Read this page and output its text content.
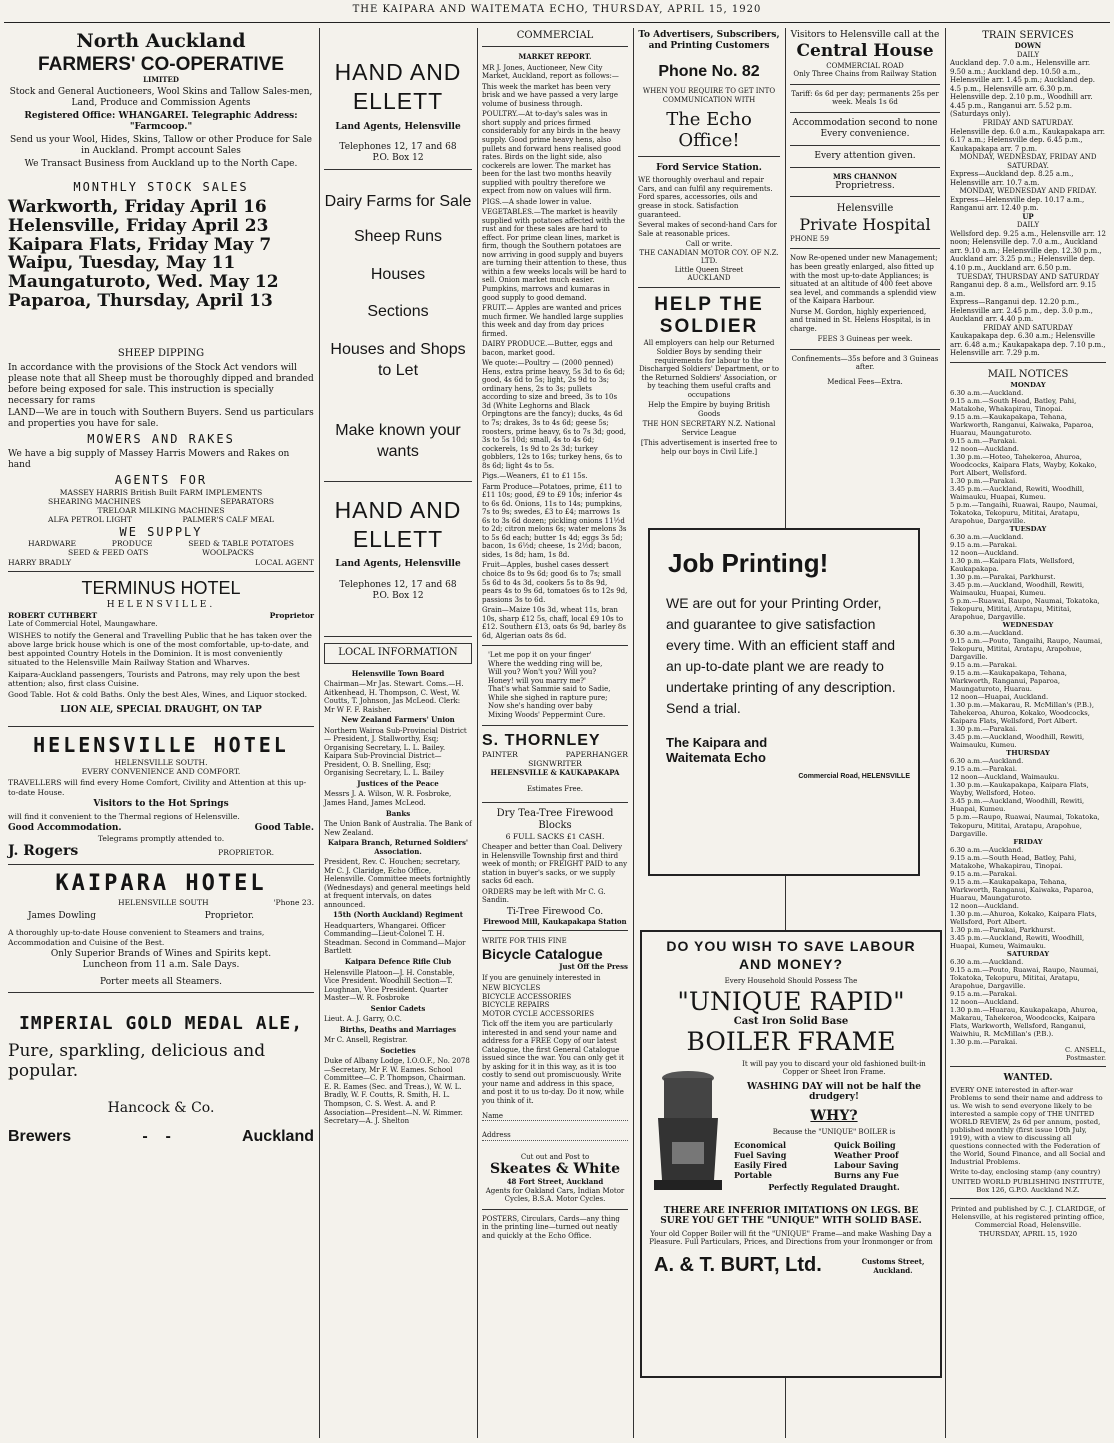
THE KAIPARA AND WAITEMATA ECHO, THURSDAY, APRIL 15, 1920
North Auckland
FARMERS' CO-OPERATIVE
LIMITED

Stock and General Auctioneers, Wool Skins and Tallow Sales-men, Land, Produce and Commission Agents

Registered Office: WHANGAREI. Telegraphic Address: "Farmcoop."

Send us your Wool, Hides, Skins, Tallow or other Produce for Sale in Auckland. Prompt account Sales

We Transact Business from Auckland up to the North Cape.

MONTHLY STOCK SALES
Warkworth, Friday April 16
Helensville, Friday April 23
Kaipara Flats, Friday May 7
Waipu, Tuesday, May 11
Maungaturoto, Wed. May 12
Paparoa, Thursday, April 13
SHEEP DIPPING

In accordance with the provisions of the Stock Act vendors will please note that all Sheep must be thoroughly dipped and branded before being exposed for sale. This instruction is specially necessary for rams

LAND—We are in touch with Southern Buyers. Send us particulars and properties you have for sale.

MOWERS AND RAKES

We have a big supply of Massey Harris Mowers and Rakes on hand

AGENTS FOR
MASSEY HARRIS British Built FARM IMPLEMENTS
SHEARING MACHINES	SEPARATORS
TRELOAR MILKING MACHINES
ALFA PETROL LIGHT	PALMER'S CALF MEAL
WE SUPPLY
HARDWARE	PRODUCE	SEED & TABLE POTATOES
SEED & FEED OATS	WOOLPACKS
HARRY BRADLY	LOCAL AGENT
TERMINUS HOTEL
HELENSVILLE.
ROBERT CUTHBERT	Proprietor
Late of Commercial Hotel, Maungawhare.

WISHES to notify the General and Travelling Public that he has taken over the above large brick house which is one of the most comfortable, up-to-date, and best appointed Country Hotels in the Dominion. It is most conveniently situated to the Helensville Main Railway Station and Wharves.

Kaipara-Auckland passengers, Tourists and Patrons, may rely upon the best attention; also, first class Cuisine.

Good Table. Hot & cold Baths. Only the best Ales, Wines, and Liquor stocked.

LION ALE, SPECIAL DRAUGHT, ON TAP
HELENSVILLE HOTEL
HELENSVILLE SOUTH.
EVERY CONVENIENCE AND COMFORT.

TRAVELLERS will find every Home Comfort, Civility and Attention at this up-to-date House.

Visitors to the Hot Springs

will find it convenient to the Thermal regions of Helensville.

Good Accommodation.	Good Table.
Telegrams promptly attended to.
J. Rogers	PROPRIETOR.
KAIPARA HOTEL
HELENSVILLE SOUTH	'Phone 23.
James Dowling	Proprietor.

A thoroughly up-to-date House convenient to Steamers and trains, Accommodation and Cuisine of the Best.

Only Superior Brands of Wines and Spirits kept.
Luncheon from 11 a.m. Sale Days.
Porter meets all Steamers.
IMPERIAL GOLD MEDAL ALE,
Pure, sparkling, delicious and popular.
Hancock & Co.
Brewers	-    -	Auckland
HAND AND ELLETT
Land Agents, Helensville
Telephones 12, 17 and 68
P.O. Box 12
Dairy Farms for Sale
Sheep Runs
Houses
Sections
Houses and Shops to Let
Make known your wants
HAND AND ELLETT
Land Agents, Helensville
Telephones 12, 17 and 68
P.O. Box 12
LOCAL INFORMATION
Helensville Town Board

Chairman—Mr Jas. Stewart. Coms.—H. Aitkenhead, H. Thompson, C. West, W. Coutts, T. Johnson, Jas McLeod. Clerk: Mr W F. F. Raisher.

New Zealand Farmers' Union

Northern Wairoa Sub-Provincial District — President, J. Stallworthy, Esq; Organising Secretary, L. L. Bailey. Kaipara Sub-Provincial District—President, O. B. Snelling, Esq; Organising Secretary, L. L. Bailey

Justices of the Peace

Messrs J. A. Wilson, W. R. Fosbroke, James Hand, James McLeod.

Banks

The Union Bank of Australia. The Bank of New Zealand.

Kaipara Branch, Returned Soldiers' Association.

President, Rev. C. Houchen; secretary, Mr C. J. Claridge, Echo Office, Helensville. Committee meets fortnightly (Wednesdays) and general meetings held at frequent intervals, on dates announced.

15th (North Auckland) Regiment

Headquarters, Whangarei. Officer Commanding—Lieut-Colonel T. H. Steadman. Second in Command—Major Bartlett

Kaipara Defence Rifle Club

Helensville Platoon—J. H. Constable, Vice President. Woodhill Section—T. Loughnan, Vice President. Quarter Master—W. R. Fosbroke

Senior Cadets

Lieut. A. J. Garry, O.C.

Births, Deaths and Marriages

Mr C. Ansell, Registrar.

Societies

Duke of Albany Lodge, I.O.O.F., No. 2078—Secretary, Mr F. W. Eames. School Committee—C. P. Thompson, Chairman. E. R. Eames (Sec. and Treas.), W. W. L. Bradly, W. F. Coutts, R. Smith, H. L. Thompson, C. S. West. A. and P. Association—President—N. W. Rimmer. Secretary—A. J. Shelton

COMMERCIAL
MARKET REPORT.

MR J. Jones, Auctioneer, New City Market, Auckland, report as follows:—

This week the market has been very brisk and we have passed a very large volume of business through.

POULTRY.—At to-day's sales was in short supply and prices firmed considerably for any birds in the heavy supply. Good prime heavy hens, also pullets and forward hens realised good rates. Birds on the light side, also cockerels are lower. The market has been for the last two months heavily supplied with poultry therefore we expect from now on values will firm.

PIGS.—A shade lower in value.

VEGETABLES.—The market is heavily supplied with potatoes affected with the rust and for these sales are hard to effect. For prime clean lines, market is firm, though the Southern potatoes are now arriving in good supply and buyers are turning their attention to these, thus within a few weeks locals will be hard to sell. Onion market much easier. Pumpkins, marrows and kumaras in good supply to good demand.

FRUIT.— Apples are wanted and prices much firmer. We handled large supplies this week and day from day prices firmed.

DAIRY PRODUCE.—Butter, eggs and bacon, market good.

We quote:—Poultry — (2000 penned) Hens, extra prime heavy, 5s 3d to 6s 6d; good, 4s 6d to 5s; light, 2s 9d to 3s; ordinary hens, 2s to 3s; pullets according to size and breed, 3s to 10s 3d (White Leghorns and Black Orpingtons are the fancy); ducks, 4s 6d to 7s; drakes, 3s to 4s 6d; geese 5s; roosters, prime heavy, 6s to 7s 3d; good, 3s to 5s 10d; small, 4s to 4s 6d; cockerels, 1s 9d to 2s 3d; turkey gobblers, 12s to 16s; turkey hens, 6s to 8s 6d; light 4s to 5s.

Pigs.—Weaners, £1 to £1 15s.

Farm Produce—Potatoes, prime, £11 to £11 10s; good, £9 to £9 10s; inferior 4s to 6s 6d. Onions, 11s to 14s; pumpkins, 7s to 9s; swedes, £3 to £4; marrows 1s 6s to 3s 6d dozen; pickling onions 11½d to 2d; citron melons 6s; water melons 3s to 5s 6d each; butter 1s 4d; eggs 3s 5d; bacon, 1s 6½d; cheese, 1s 2½d; bacon, sides, 1s 8d; ham, 1s 8d.

Fruit—Apples, bushel cases dessert choice 8s to 9s 6d; good 6s to 7s; small 5s 6d to 4s 3d, cookers 5s to 8s 9d, pears 4s to 9s 6d, tomatoes 6s to 12s 9d, passions 3s to 6d.

Grain—Maize 10s 3d, wheat 11s, bran 10s, sharp £12 5s, chaff, local £9 10s to £12. Southern £13, oats 6s 9d, barley 8s 6d, Algerian oats 8s 6d.

'Let me pop it on your finger'
Where the wedding ring will be,
Will you? Won't you? Will you?
Honey! will you marry me?'
That's what Sammie said to Sadie,
While she sighed in rapture pure;
Now she's handing over baby
Mixing Woods' Peppermint Cure.
S. THORNLEY
PAINTER	PAPERHANGER
SIGNWRITER
HELENSVILLE & KAUKAPAKAPA
Estimates Free.
Dry Tea-Tree Firewood Blocks
6 FULL SACKS £1 CASH.

Cheaper and better than Coal. Delivery in Helensville Township first and third week of month; or FREIGHT PAID to any station in buyer's sacks, or we supply sacks 6d each.

ORDERS may be left with Mr C. G. Sandin.

Ti-Tree Firewood Co.
Firewood Mill, Kaukapakapa Station
WRITE FOR THIS FINE
Bicycle Catalogue
Just Off the Press

If you are genuinely interested in

NEW BICYCLES
BICYCLE ACCESSORIES
BICYCLE REPAIRS
MOTOR CYCLE ACCESSORIES

Tick off the item you are particularly interested in and send your name and address for a FREE Copy of our latest Catalogue, the first General Catalogue issued since the war. You can only get it by asking for it in this way, as it is too costly to send out promiscuously. Write your name and address in this space, and post it to us to-day. Do it now, while you think of it.

Name
Address
Cut out and Post to
Skeates & White
48 Fort Street, Auckland
Agents for Oakland Cars, Indian Motor Cycles, B.S.A. Motor Cycles.

POSTERS, Circulars, Cards—any thing in the printing line—turned out neatly and quickly at the Echo Office.

To Advertisers, Subscribers, and Printing Customers
Phone No. 82
WHEN YOU REQUIRE TO GET INTO COMMUNICATION WITH
The Echo Office!
Ford Service Station.

WE thoroughly overhaul and repair Cars, and can fulfil any requirements. Ford spares, accessories, oils and grease in stock. Satisfaction guaranteed.

Several makes of second-hand Cars for Sale at reasonable prices.

Call or write.
THE CANADIAN MOTOR COY. OF N.Z. LTD.
Little Queen Street
AUCKLAND
HELP THE SOLDIER

All employers can help our Returned Soldier Boys by sending their requirements for labour to the Discharged Soldiers' Department, or to the Returned Soldiers' Association, or by teaching them useful crafts and occupations

Help the Empire by buying British Goods

THE HON SECRETARY N.Z. National Service League

[This advertisement is inserted free to help our boys in Civil Life.]

Visitors to Helensville call at the
Central House
COMMERCIAL ROAD
Only Three Chains from Railway Station

Tariff: 6s 6d per day; permanents 25s per week. Meals 1s 6d

Accommodation second to none Every convenience.

Every attention given.

MRS CHANNON
Proprietress.
Helensville
Private Hospital
PHONE 59

Now Re-opened under new Management; has been greatly enlarged, also fitted up with the most up-to-date Appliances; is situated at an altitude of 400 feet above sea level, and commands a splendid view of the Kaipara Harbour.

Nurse M. Gordon, highly experienced, and trained in St. Helens Hospital, is in charge.

FEES 3 Guineas per week.
Confinements—35s before and 3 Guineas after.
Medical Fees—Extra.
Job Printing!
WE are out for your Printing Order, and guarantee to give satisfaction every time. With an efficient staff and an up-to-date plant we are ready to undertake printing of any description. Send a trial.
The Kaipara and Waitemata Echo
Commercial Road, HELENSVILLE
DO YOU WISH TO SAVE LABOUR AND MONEY?
Every Household Should Possess The
"UNIQUE RAPID"
Cast Iron Solid Base
BOILER FRAME
It will pay you to discard your old fashioned built-in Copper or Sheet Iron Frame.
WASHING DAY will not be half the drudgery!
WHY?
Because the "UNIQUE" BOILER is
Economical	Quick Boiling
Fuel Saving	Weather Proof
Easily Fired	Labour Saving
Portable	Burns any Fue
Perfectly Regulated Draught.
THERE ARE INFERIOR IMITATIONS ON LEGS. BE SURE YOU GET THE "UNIQUE" WITH SOLID BASE.
Your old Copper Boiler will fit the "UNIQUE" Frame—and make Washing Day a Pleasure. Full Particulars, Prices, and Directions from your Ironmonger or from
A. & T. BURT, Ltd.	Customs Street, Auckland.
TRAIN SERVICES
DOWN
DAILY
Auckland dep. 7.0 a.m., Helensville arr. 9.50 a.m.; Auckland dep. 10.50 a.m., Helensville arr. 1.45 p.m.; Auckland dep. 4.5 p.m., Helensville arr. 6.30 p.m.
Helensville dep. 2.10 p.m., Woodhill arr. 4.45 p.m., Ranganui arr. 5.52 p.m. (Saturdays only).
FRIDAY AND SATURDAY.
Helensville dep. 6.0 a.m., Kaukapakapa arr. 6.17 a.m.; Helensville dep. 6.45 p.m., Kaukapakapa arr. 7 p.m.
MONDAY, WEDNESDAY, FRIDAY AND SATURDAY.
Express—Auckland dep. 8.25 a.m., Helensville arr. 10.7 a.m.
MONDAY, WEDNESDAY AND FRIDAY.
Express—Helensville dep. 10.17 a.m., Ranganui arr. 12.40 p.m.
UP
DAILY
Wellsford dep. 9.25 a.m., Helensville arr. 12 noon; Helensville dep. 7.0 a.m., Auckland arr. 9.10 a.m.; Helensville dep. 12.30 p.m., Auckland arr. 3.25 p.m.; Helensville dep. 4.10 p.m., Auckland arr. 6.50 p.m.
TUESDAY, THURSDAY AND SATURDAY
Ranganui dep. 8 a.m., Wellsford arr. 9.15 a.m.
Express—Ranganui dep. 12.20 p.m., Helensville arr. 2.45 p.m., dep. 3.0 p.m., Auckland arr. 4.40 p.m.
FRIDAY AND SATURDAY
Kaukapakapa dep. 6.30 a.m.; Helensville arr. 6.48 a.m.; Kaukapakapa dep. 7.10 p.m., Helensville arr. 7.29 p.m.
MAIL NOTICES
MONDAY
6.30 a.m.—Auckland.
9.15 a.m.—South Head, Batley, Pahi, Matakohe, Whakapirau, Tinopai.
9.15 a.m.—Kaukapakapa, Tehana, Warkworth, Ranganui, Kaiwaka, Paparoa, Huarau, Maungaturoto.
9.15 a.m.—Parakai.
12 noon—Auckland.
1.30 p.m.—Hoteo, Tahekeroa, Ahuroa, Woodcocks, Kaipara Flats, Wayby, Kokako, Port Albert, Wellsford.
1.30 p.m.—Parakai.
3.45 p.m.—Auckland, Rewiti, Woodhill, Waimauku, Huapai, Kumeu.
5 p.m.—Tangaihi, Ruawai, Raupo, Naumai, Tokatoka, Tekopuru, Mititai, Aratapu, Arapohue, Dargaville.
TUESDAY
6.30 a.m.—Auckland.
9.15 a.m.—Parakai.
12 noon—Auckland.
1.30 p.m.—Kaipara Flats, Wellsford, Kaukapakapa.
1.30 p.m.—Parakai, Parkhurst.
3.45 p.m.—Auckland, Woodhill, Rewiti, Waimauku, Huapai, Kumeu.
5 p.m.—Ruawai, Raupo, Naumai, Tokatoka, Tekopuru, Mititai, Aratapu, Mititai, Arapohue, Dargaville.
WEDNESDAY
6.30 a.m.—Auckland.
9.15 a.m.—Pouto, Tangaihi, Raupo, Naumai, Tekopuru, Mititai, Aratapu, Arapohue, Dargaville.
9.15 a.m.—Parakai.
9.15 a.m.—Kaukapakapa, Tehana, Warkworth, Ranganui, Paparoa, Maungaturoto, Huarau.
12 noon—Huapai, Auckland.
1.30 p.m.—Makarau, R. McMillan's (P.B.), Tahekeroa, Ahuroa, Kokako, Woodcocks, Kaipara Flats, Wellsford, Port Albert.
1.30 p.m.—Parakai.
3.45 p.m.—Auckland, Woodhill, Rewiti, Waimauku, Kumeu.
THURSDAY
6.30 a.m.—Auckland.
9.15 a.m.—Parakai.
12 noon—Auckland, Waimauku.
1.30 p.m.—Kaukapakapa, Kaipara Flats, Wayby, Wellsford, Hoteo.
3.45 p.m.—Auckland, Woodhill, Rewiti, Huapai, Kumeu.
5 p.m.—Raupo, Ruawai, Naumai, Tokatoka, Tekopuru, Mititai, Aratapu, Arapohue, Dargaville.
FRIDAY
6.30 a.m.—Auckland.
9.15 a.m.—South Head, Batley, Pahi, Matakohe, Whakapirau, Tinopai.
9.15 a.m.—Parakai.
9.15 a.m.—Kaukapakapa, Tehana, Warkworth, Ranganui, Kaiwaka, Paparoa, Huarau, Maungaturoto.
12 noon—Auckland.
1.30 p.m.—Ahuroa, Kokako, Kaipara Flats, Wellsford, Port Albert.
1.30 p.m.—Parakai, Parkhurst.
3.45 p.m.—Auckland, Rewiti, Woodhill, Huapai, Kumeu, Waimauku.
SATURDAY
6.30 a.m.—Auckland.
9.15 a.m.—Pouto, Ruawai, Raupo, Naumai, Tokatoka, Tekopuru, Mititai, Aratapu, Arapohue, Dargaville.
9.15 a.m.—Parakai.
12 noon—Auckland.
1.30 p.m.—Huarau, Kaukapakapa, Ahuroa, Makarau, Tahekeroa, Woodcocks, Kaipara Flats, Warkworth, Wellsford, Ranganui, Waiwhiu, R. McMillan's (P.B.).
1.30 p.m.—Parakai.
C. ANSELL,
Postmaster.
WANTED.

EVERY ONE interested in after-war Problems to send their name and address to us. We wish to send everyone likely to be interested a sample copy of THE UNITED WORLD REVIEW, 2s 6d per annum, posted, published monthly (first issue 10th July, 1919), with a view to discussing all questions connected with the Federation of the World, Sound Finance, and all Social and Industrial Problems.

Write to-day, enclosing stamp (any country)

UNITED WORLD PUBLISHING INSTITUTE,
Box 126, G.P.O. Auckland N.Z.
Printed and published by C. J. CLARIDGE, of Helensville, at his registered printing office, Commercial Road, Helensville.
THURSDAY, APRIL 15, 1920
